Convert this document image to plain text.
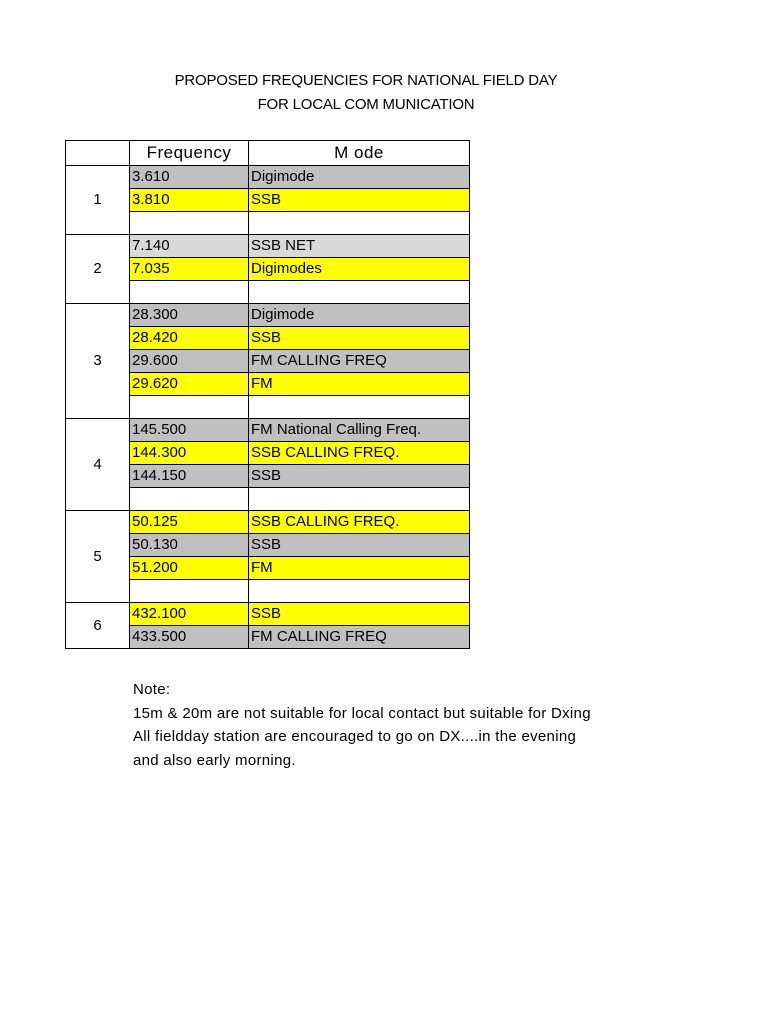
PROPOSED FREQUENCIES FOR NATIONAL FIELD DAY
FOR LOCAL COM MUNICATION
	Frequency	M ode
1	3.610	Digimode
	3.810	SSB

2	7.140	SSB NET
	7.035	Digimodes

3	28.300	Digimode
	28.420	SSB
	29.600	FM CALLING FREQ
	29.620	FM

4	145.500	FM National Calling Freq.
	144.300	SSB CALLING FREQ.
	144.150	SSB

5	50.125	SSB CALLING FREQ.
	50.130	SSB
	51.200	FM

6	432.100	SSB
	433.500	FM CALLING FREQ
Note:
15m & 20m are not suitable for local contact but suitable for Dxing
All fieldday station are encouraged to go on DX....in the evening
and also early morning.
